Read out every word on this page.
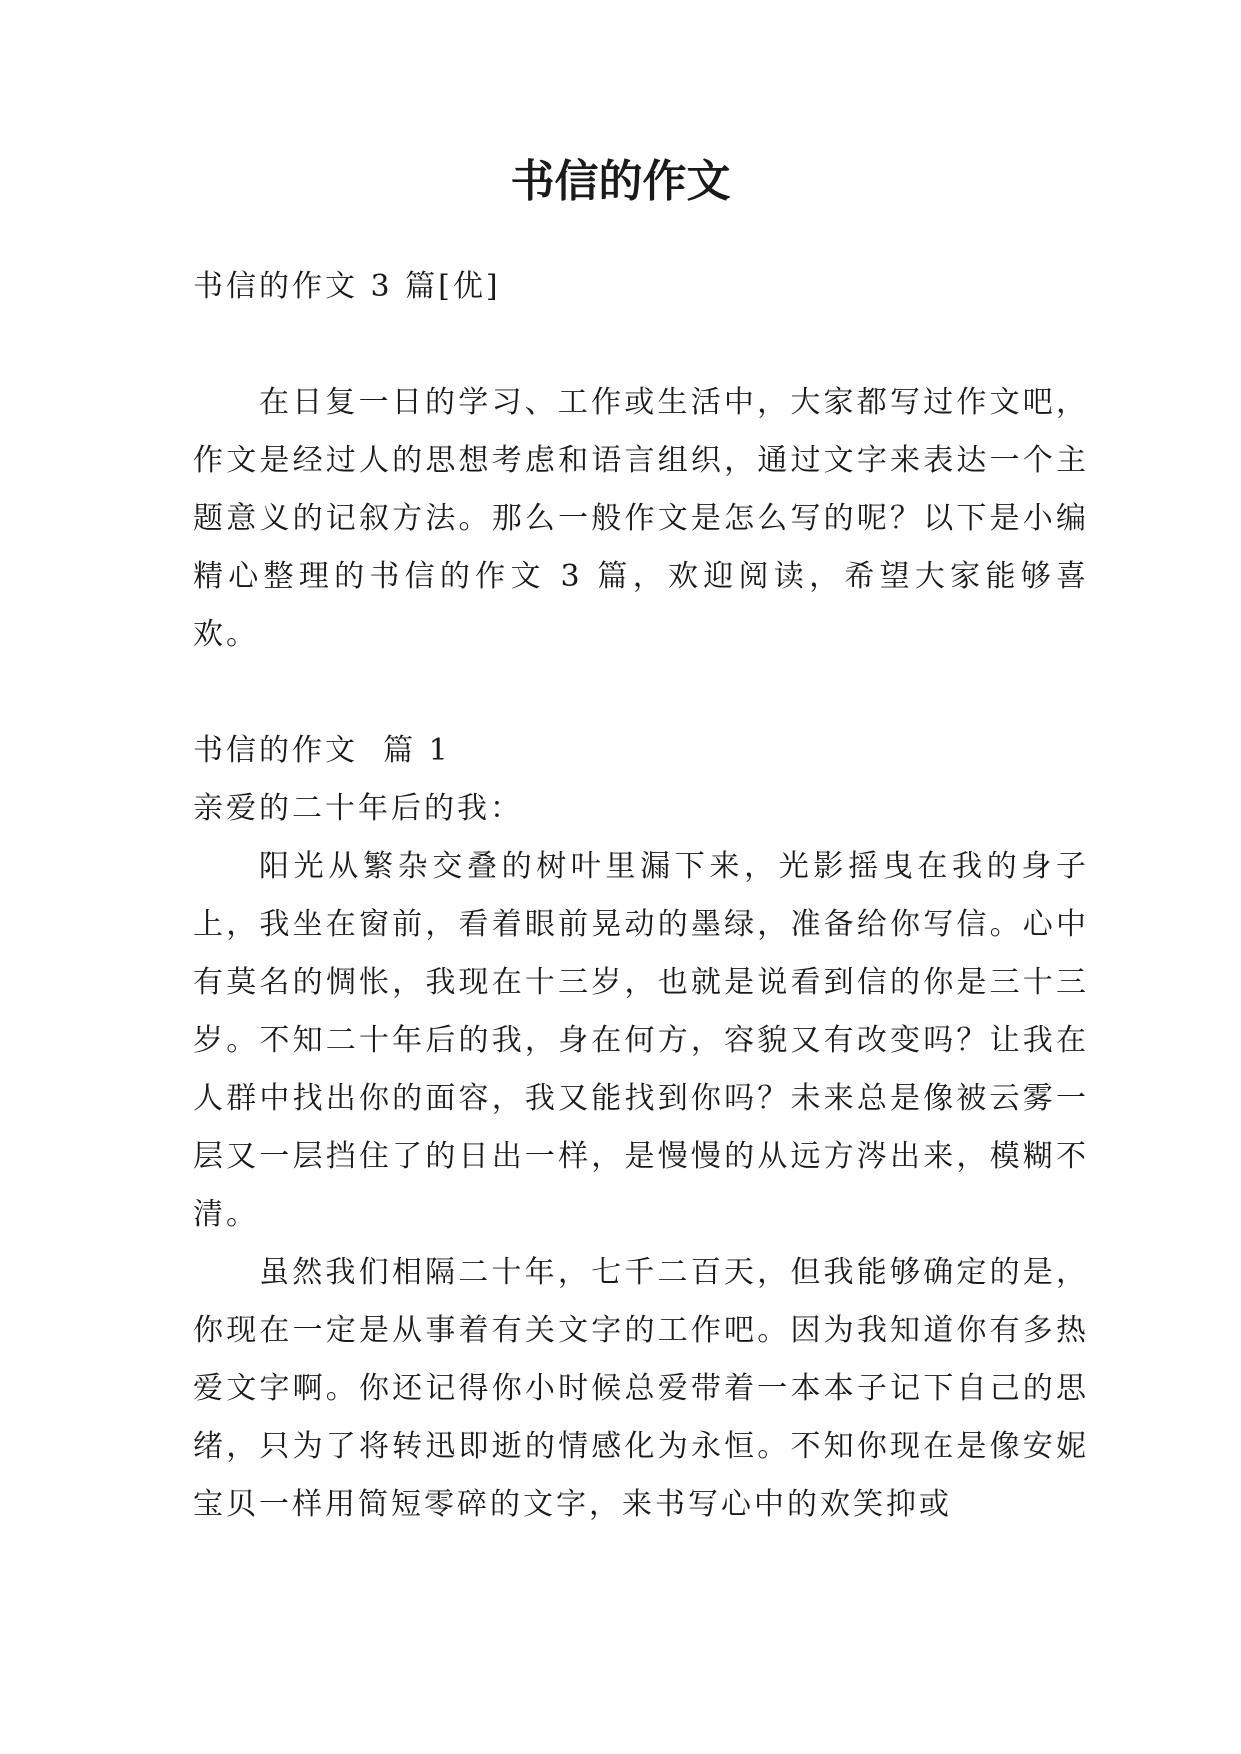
书信的作文

书信的作文 3 篇[优]

在日复一日的学习、工作或生活中，大家都写过作文吧，作文是经过人的思想考虑和语言组织，通过文字来表达一个主题意义的记叙方法。那么一般作文是怎么写的呢？以下是小编精心整理的书信的作文 3 篇，欢迎阅读，希望大家能够喜欢。

书信的作文  篇 1

亲爱的二十年后的我：

阳光从繁杂交叠的树叶里漏下来，光影摇曳在我的身子上，我坐在窗前，看着眼前晃动的墨绿，准备给你写信。心中有莫名的惆怅，我现在十三岁，也就是说看到信的你是三十三岁。不知二十年后的我，身在何方，容貌又有改变吗？让我在人群中找出你的面容，我又能找到你吗？未来总是像被云雾一层又一层挡住了的日出一样，是慢慢的从远方涔出来，模糊不清。

虽然我们相隔二十年，七千二百天，但我能够确定的是，你现在一定是从事着有关文字的工作吧。因为我知道你有多热爱文字啊。你还记得你小时候总爱带着一本本子记下自己的思绪，只为了将转迅即逝的情感化为永恒。不知你现在是像安妮宝贝一样用简短零碎的文字，来书写心中的欢笑抑或
